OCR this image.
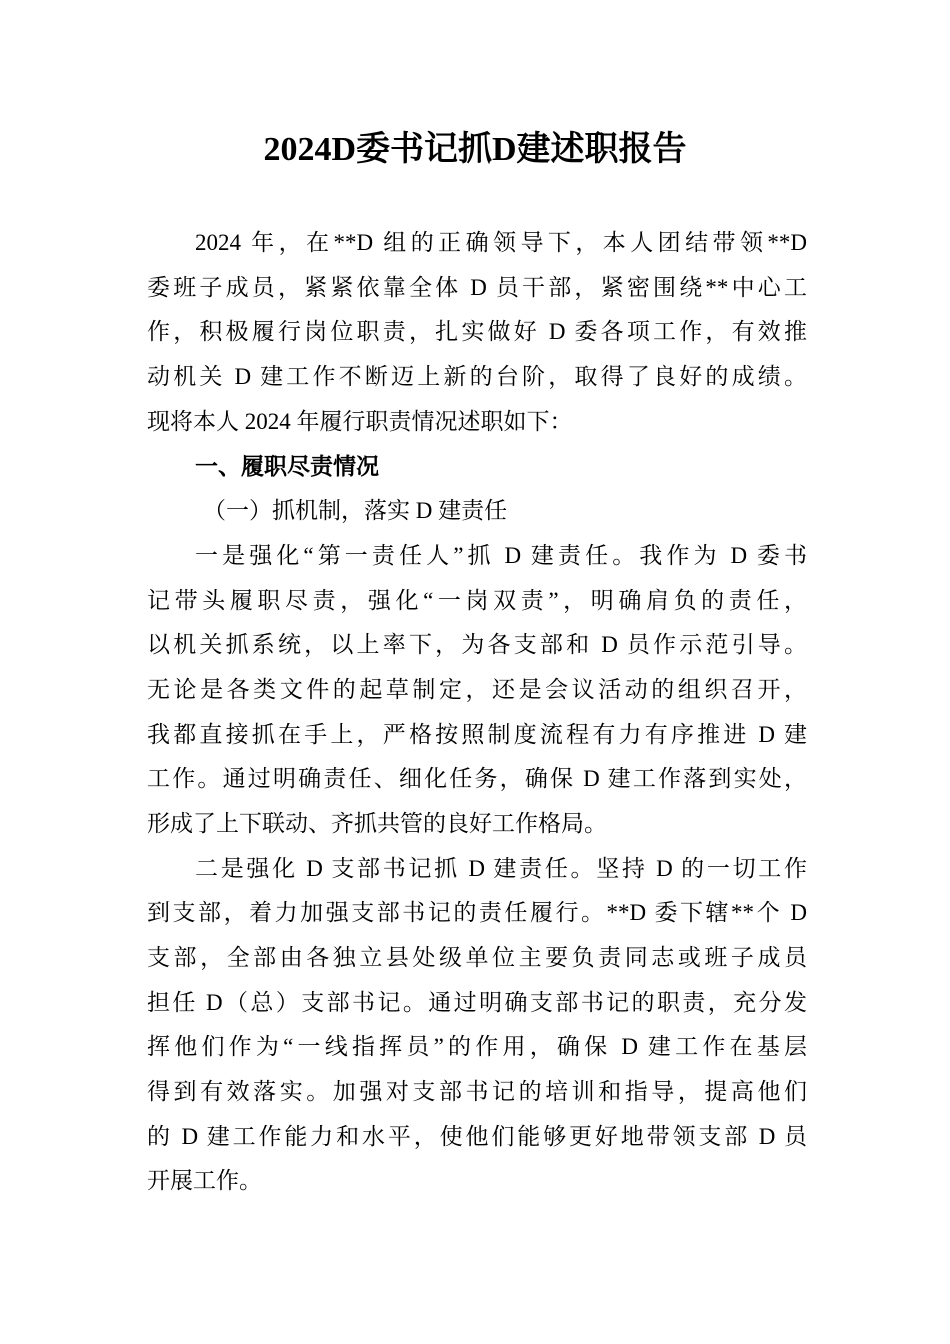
2024D委书记抓D建述职报告
2024 年，在**D 组的正确领导下，本人团结带领**D
委班子成员，紧紧依靠全体 D 员干部，紧密围绕**中心工
作，积极履行岗位职责，扎实做好 D 委各项工作，有效推
动机关 D 建工作不断迈上新的台阶，取得了良好的成绩。
现将本人 2024 年履行职责情况述职如下：
一、履职尽责情况
（一）抓机制，落实 D 建责任
一是强化“第一责任人”抓 D 建责任。我作为 D 委书
记带头履职尽责，强化“一岗双责”，明确肩负的责任，
以机关抓系统，以上率下，为各支部和 D 员作示范引导。
无论是各类文件的起草制定，还是会议活动的组织召开，
我都直接抓在手上，严格按照制度流程有力有序推进 D 建
工作。通过明确责任、细化任务，确保 D 建工作落到实处，
形成了上下联动、齐抓共管的良好工作格局。
二是强化 D 支部书记抓 D 建责任。坚持 D 的一切工作
到支部，着力加强支部书记的责任履行。**D 委下辖**个 D
支部，全部由各独立县处级单位主要负责同志或班子成员
担任 D（总）支部书记。通过明确支部书记的职责，充分发
挥他们作为“一线指挥员”的作用，确保 D 建工作在基层
得到有效落实。加强对支部书记的培训和指导，提高他们
的 D 建工作能力和水平，使他们能够更好地带领支部 D 员
开展工作。
